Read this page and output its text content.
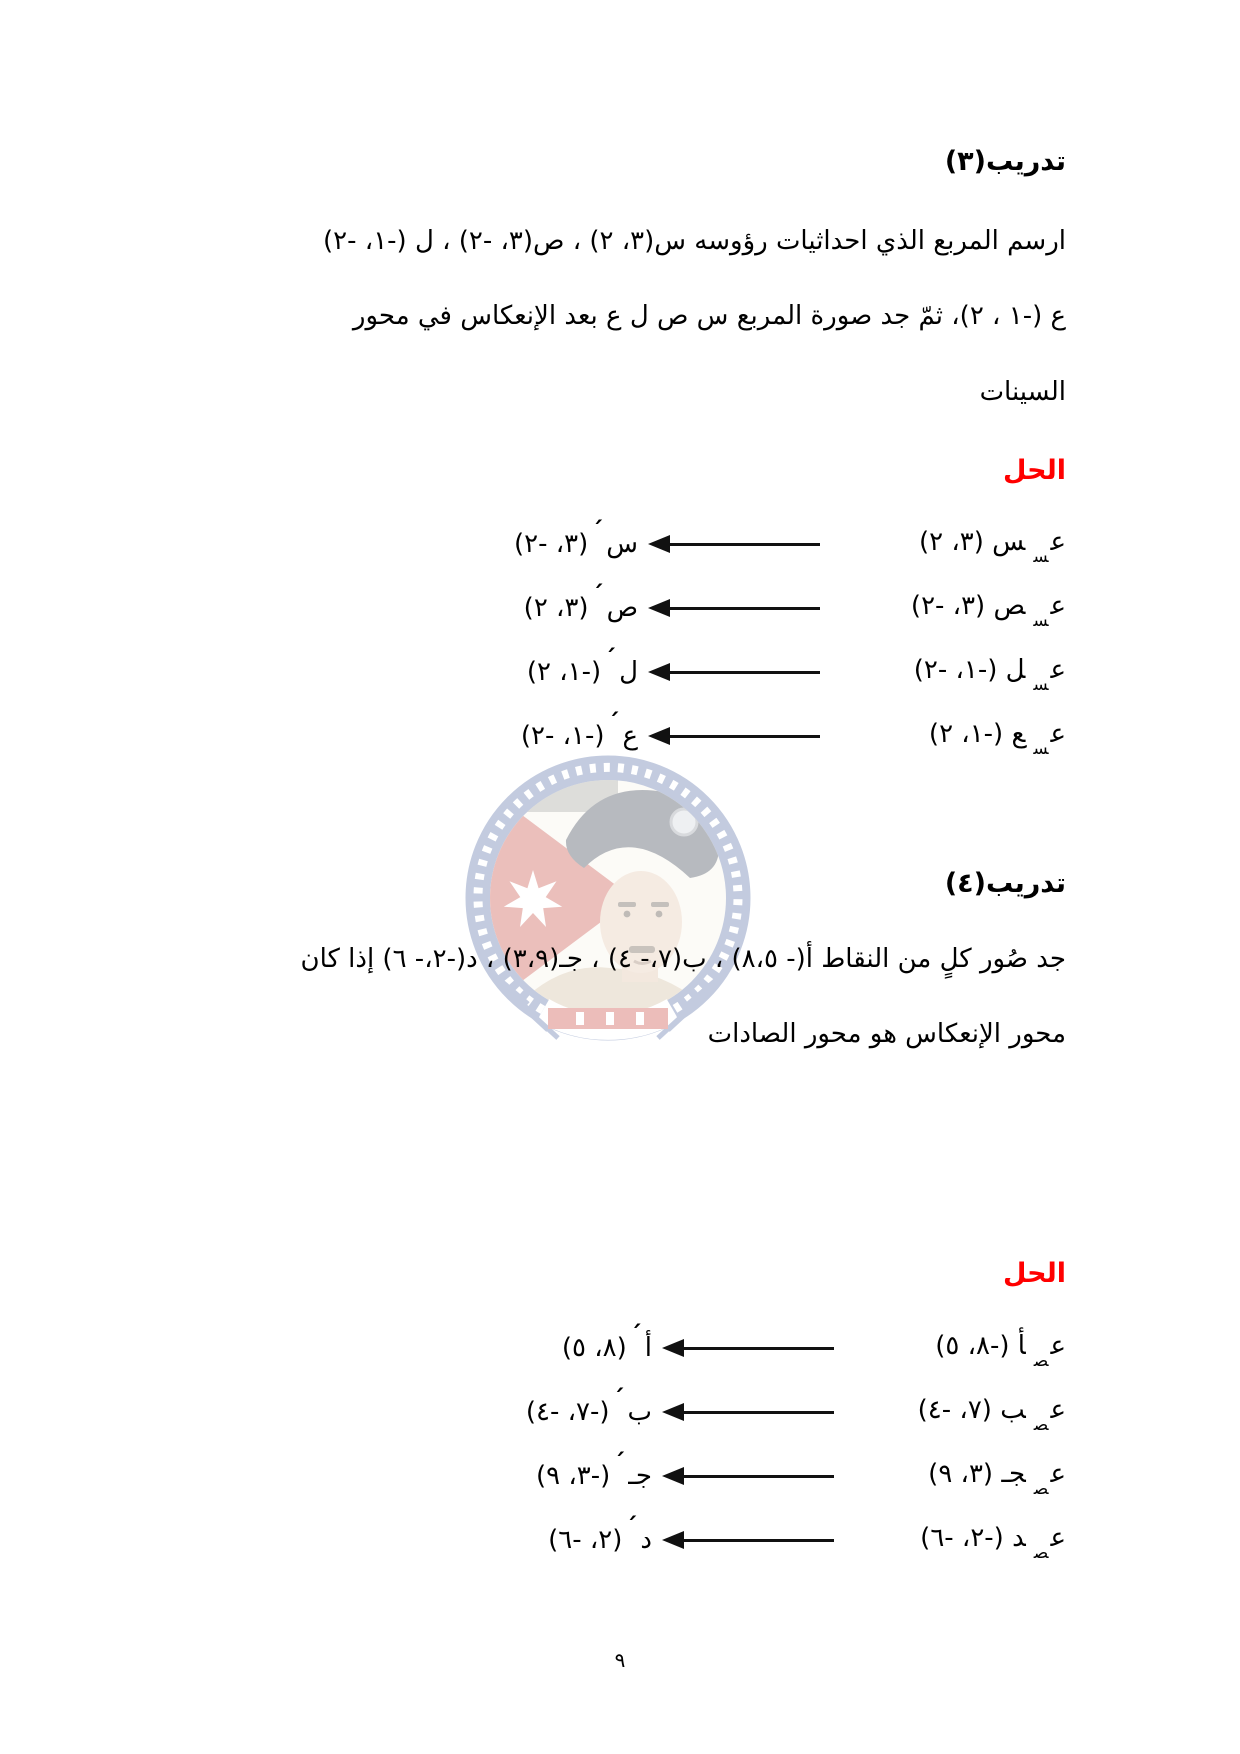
تدريب(٣)
ارسم المربع الذي احداثيات رؤوسه س(٣، ٢) ، ص(٣، -٢) ، ل (-١، -٢)
ع (-١ ، ٢)، ثمّ جد صورة المربع س ص ل ع بعد الإنعكاس في محور
السينات
الحل
ع$_س$س (٣، ٢)
س´(٣، -٢)
ع$_س$ص (٣، -٢)
ص´(٣، ٢)
ع$_س$ل (-١، -٢)
ل´(-١، ٢)
ع$_س$ع (-١، ٢)
ع´(-١، -٢)
تدريب(٤)
جد صُور كلٍ من النقاط أ(- ٨،٥) ، ب(٧،- ٤) ، جـ(٣،٩) ، د(-٢،- ٦) إذا كان
محور الإنعكاس هو محور الصادات
الحل
ع$_ص$أ (-٨، ٥)
أ´(٨، ٥)
ع$_ص$ب (٧، -٤)
ب´(-٧، -٤)
ع$_ص$جـ (٣، ٩)
جـ´(-٣، ٩)
ع$_ص$د (-٢، -٦)
د´(٢، -٦)
٩
